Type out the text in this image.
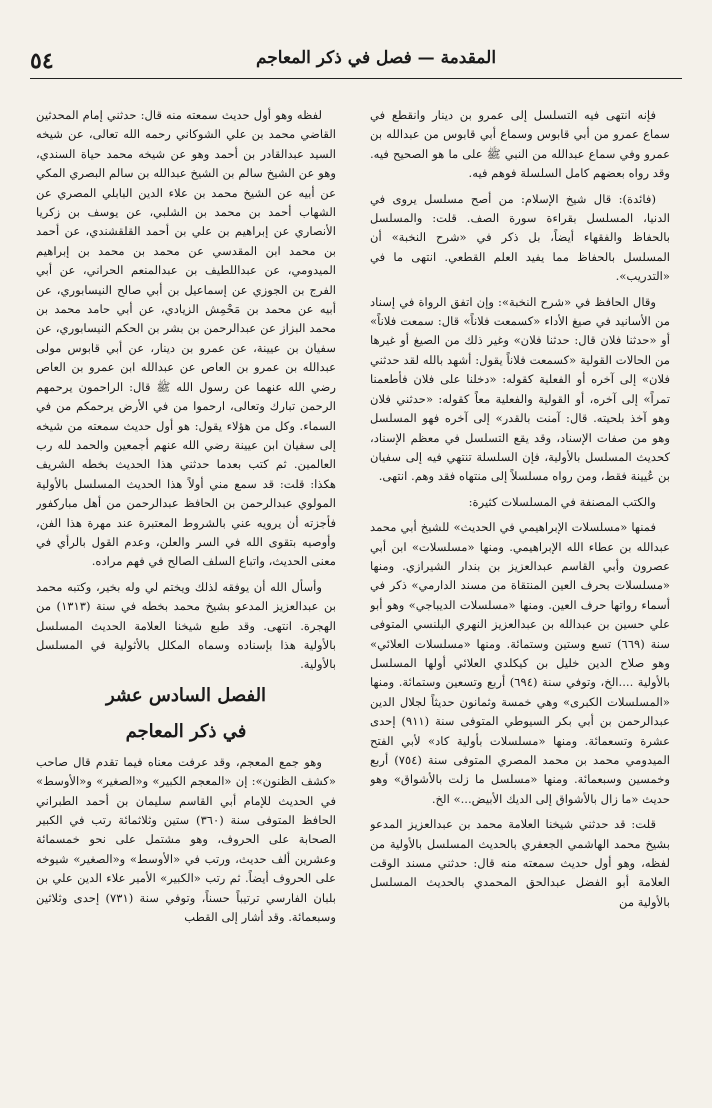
المقدمة — فصل في ذكر المعاجم
٥٤

فإنه انتهى فيه التسلسل إلى عمرو بن دينار وانقطع في سماع عمرو من أبي قابوس وسماع أبي قابوس من عبدالله بن عمرو وفي سماع عبدالله من النبي ﷺ على ما هو الصحيح فيه. وقد رواه بعضهم كامل السلسلة فوهم فيه.

(فائدة): قال شيخ الإسلام: من أصح مسلسل يروى في الدنيا، المسلسل بقراءة سورة الصف. قلت: والمسلسل بالحفاظ والفقهاء أيضاً، بل ذكر في «شرح النخبة» أن المسلسل بالحفاظ مما يفيد العلم القطعي. انتهى ما في «التدريب».

وقال الحافظ في «شرح النخبة»: وإن اتفق الرواة في إسناد من الأسانيد في صيغ الأداء «كسمعت فلاناً» قال: سمعت فلاناً» أو «حدثنا فلان قال: حدثنا فلان» وغير ذلك من الصيغ أو غيرها من الحالات القولية «كسمعت فلاناً يقول: أشهد بالله لقد حدثني فلان» إلى آخره أو الفعلية كقوله: «دخلنا على فلان فأطعمنا تمراً» إلى آخره، أو القولية والفعلية معاً كقوله: «حدثني فلان وهو آخذ بلحيته. قال: آمنت بالقدر» إلى آخره فهو المسلسل وهو من صفات الإسناد، وقد يقع التسلسل في معظم الإسناد، كحديث المسلسل بالأولية، فإن السلسلة تنتهي فيه إلى سفيان بن عُيينة فقط، ومن رواه مسلسلاً إلى منتهاه فقد وهم. انتهى.

والكتب المصنفة في المسلسلات كثيرة:

فمنها «مسلسلات الإبراهيمي في الحديث» للشيخ أبي محمد عبدالله بن عطاء الله الإبراهيمي. ومنها «مسلسلات» ابن أبي عصرون وأبي القاسم عبدالعزيز بن بندار الشيرازي. ومنها «مسلسلات بحرف العين المنتقاة من مسند الدارمي» ذكر في أسماء رواتها حرف العين. ومنها «مسلسلات الديباجي» وهو أبو علي حسين بن عبدالله بن عبدالعزيز النهري البلنسي المتوفى سنة (٦٦٩) تسع وستين وستمائة. ومنها «مسلسلات العلائي» وهو صلاح الدين خليل بن كيكلدي العلائي أولها المسلسل بالأولية ....الخ، وتوفي سنة (٦٩٤) أربع وتسعين وستمائة. ومنها «المسلسلات الكبرى» وهي خمسة وثمانون حديثاً لجلال الدين عبدالرحمن بن أبي بكر السيوطي المتوفى سنة (٩١١) إحدى عشرة وتسعمائة. ومنها «مسلسلات بأولية كاد» لأبي الفتح الميدومي محمد بن محمد المصري المتوفى سنة (٧٥٤) أربع وخمسين وسبعمائة. ومنها «مسلسل ما زلت بالأشواق» وهو حديث «ما زال بالأشواق إلى الديك الأبيض...» الخ.

قلت: قد حدثني شيخنا العلامة محمد بن عبدالعزيز المدعو بشيخ محمد الهاشمي الجعفري بالحديث المسلسل بالأولية من لفظه، وهو أول حديث سمعته منه قال: حدثني مسند الوقت العلامة أبو الفضل عبدالحق المحمدي بالحديث المسلسل بالأولية من

لفظه وهو أول حديث سمعته منه قال: حدثني إمام المحدثين القاضي محمد بن علي الشوكاني رحمه الله تعالى، عن شيخه السيد عبدالقادر بن أحمد وهو عن شيخه محمد حياة السندي، وهو عن الشيخ سالم بن الشيخ عبدالله بن سالم البصري المكي عن أبيه عن الشيخ محمد بن علاء الدين البابلي المصري عن الشهاب أحمد بن محمد بن الشلبي، عن يوسف بن زكريا الأنصاري عن إبراهيم بن علي بن أحمد القلقشندي، عن أحمد بن محمد ابن المقدسي عن محمد بن محمد بن إبراهيم الميدومي، عن عبداللطيف بن عبدالمنعم الحراني، عن أبي الفرج بن الجوزي عن إسماعيل بن أبي صالح النيسابوري، عن أبيه عن محمد بن مَحْمِش الزيادي، عن أبي حامد محمد بن محمد البزاز عن عبدالرحمن بن بشر بن الحكم النيسابوري، عن سفيان بن عيينة، عن عمرو بن دينار، عن أبي قابوس مولى عبدالله بن عمرو بن العاص عن عبدالله ابن عمرو بن العاص رضي الله عنهما عن رسول الله ﷺ قال: الراحمون يرحمهم الرحمن تبارك وتعالى، ارحموا من في الأرض يرحمكم من في السماء. وكل من هؤلاء يقول: هو أول حديث سمعته من شيخه إلى سفيان ابن عيينة رضي الله عنهم أجمعين والحمد لله رب العالمين. ثم كتب بعدما حدثني هذا الحديث بخطه الشريف هكذا: قلت: قد سمع مني أولاً هذا الحديث المسلسل بالأولية المولوي عبدالرحمن بن الحافظ عبدالرحمن من أهل مباركفور فأجزته أن يرويه عني بالشروط المعتبرة عند مهرة هذا الفن، وأوصيه بتقوى الله في السر والعلن، وعدم القول بالرأي في معنى الحديث، واتباع السلف الصالح في فهم مراده.

وأسأل الله أن يوفقه لذلك ويختم لي وله بخير، وكتبه محمد بن عبدالعزيز المدعو بشيخ محمد بخطه في سنة (١٣١٣) من الهجرة. انتهى. وقد طبع شيخنا العلامة الحديث المسلسل بالأولية هذا بإسناده وسماه المكلل بالأثولية في المسلسل بالأولية.

الفصل السادس عشر

في ذكر المعاجم

وهو جمع المعجم، وقد عرفت معناه فيما تقدم قال صاحب «كشف الظنون»: إن «المعجم الكبير» و«الصغير» و«الأوسط» في الحديث للإمام أبي القاسم سليمان بن أحمد الطبراني الحافظ المتوفى سنة (٣٦٠) ستين وثلاثمائة رتب في الكبير الصحابة على الحروف، وهو مشتمل على نحو خمسمائة وعشرين ألف حديث، ورتب في «الأوسط» و«الصغير» شيوخه على الحروف أيضاً. ثم رتب «الكبير» الأمير علاء الدين علي بن بلبان الفارسي ترتيباً حسناً، وتوفي سنة (٧٣١) إحدى وثلاثين وسبعمائة. وقد أشار إلى القطب
